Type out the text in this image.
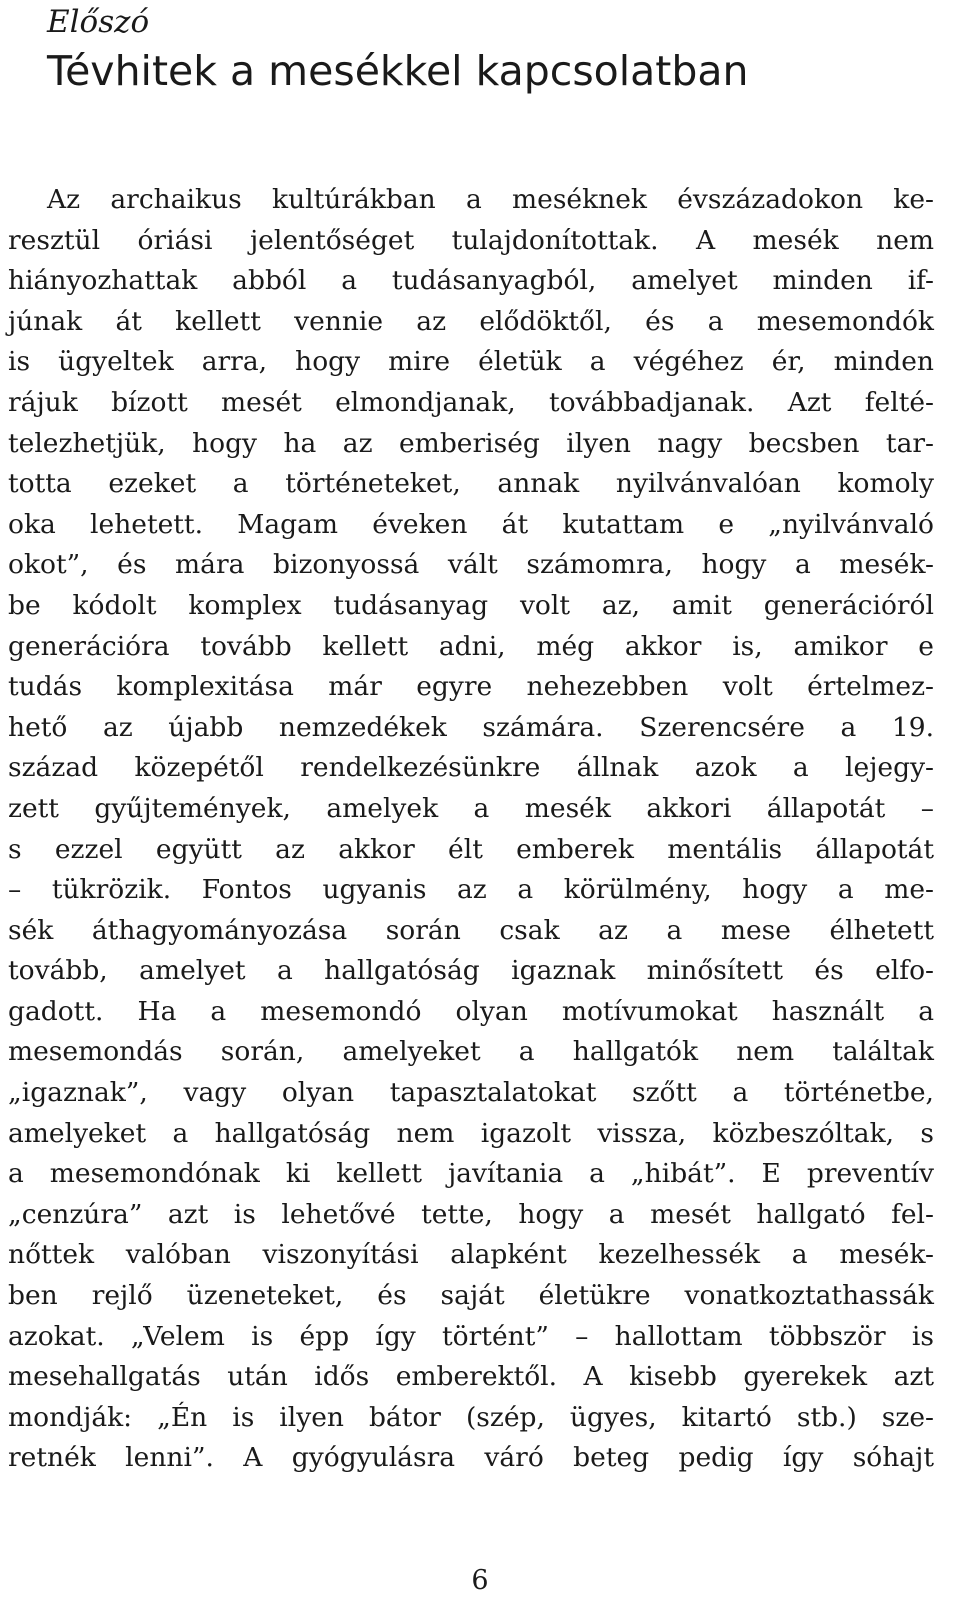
Előszó

Tévhitek a mesékkel kapcsolatban

Az archaikus kultúrákban a meséknek évszázadokon ke-
resztül óriási jelentőséget tulajdonítottak. A mesék nem
hiányozhattak abból a tudásanyagból, amelyet minden if-
júnak át kellett vennie az elődöktől, és a mesemondók
is ügyeltek arra, hogy mire életük a végéhez ér, minden
rájuk bízott mesét elmondjanak, továbbadjanak. Azt felté-
telezhetjük, hogy ha az emberiség ilyen nagy becsben tar-
totta ezeket a történeteket, annak nyilvánvalóan komoly
oka lehetett. Magam éveken át kutattam e „nyilvánvaló
okot”, és mára bizonyossá vált számomra, hogy a mesék-
be kódolt komplex tudásanyag volt az, amit generációról
generációra tovább kellett adni, még akkor is, amikor e
tudás komplexitása már egyre nehezebben volt értelmez-
hető az újabb nemzedékek számára. Szerencsére a 19.
század közepétől rendelkezésünkre állnak azok a lejegy-
zett gyűjtemények, amelyek a mesék akkori állapotát –
s ezzel együtt az akkor élt emberek mentális állapotát
– tükrözik. Fontos ugyanis az a körülmény, hogy a me-
sék áthagyományozása során csak az a mese élhetett
tovább, amelyet a hallgatóság igaznak minősített és elfo-
gadott. Ha a mesemondó olyan motívumokat használt a
mesemondás során, amelyeket a hallgatók nem találtak
„igaznak”, vagy olyan tapasztalatokat szőtt a történetbe,
amelyeket a hallgatóság nem igazolt vissza, közbeszóltak, s
a mesemondónak ki kellett javítania a „hibát”. E preventív
„cenzúra” azt is lehetővé tette, hogy a mesét hallgató fel-
nőttek valóban viszonyítási alapként kezelhessék a mesék-
ben rejlő üzeneteket, és saját életükre vonatkoztathassák
azokat. „Velem is épp így történt” – hallottam többször is
mesehallgatás után idős emberektől. A kisebb gyerekek azt
mondják: „Én is ilyen bátor (szép, ügyes, kitartó stb.) sze-
retnék lenni”. A gyógyulásra váró beteg pedig így sóhajt

6
